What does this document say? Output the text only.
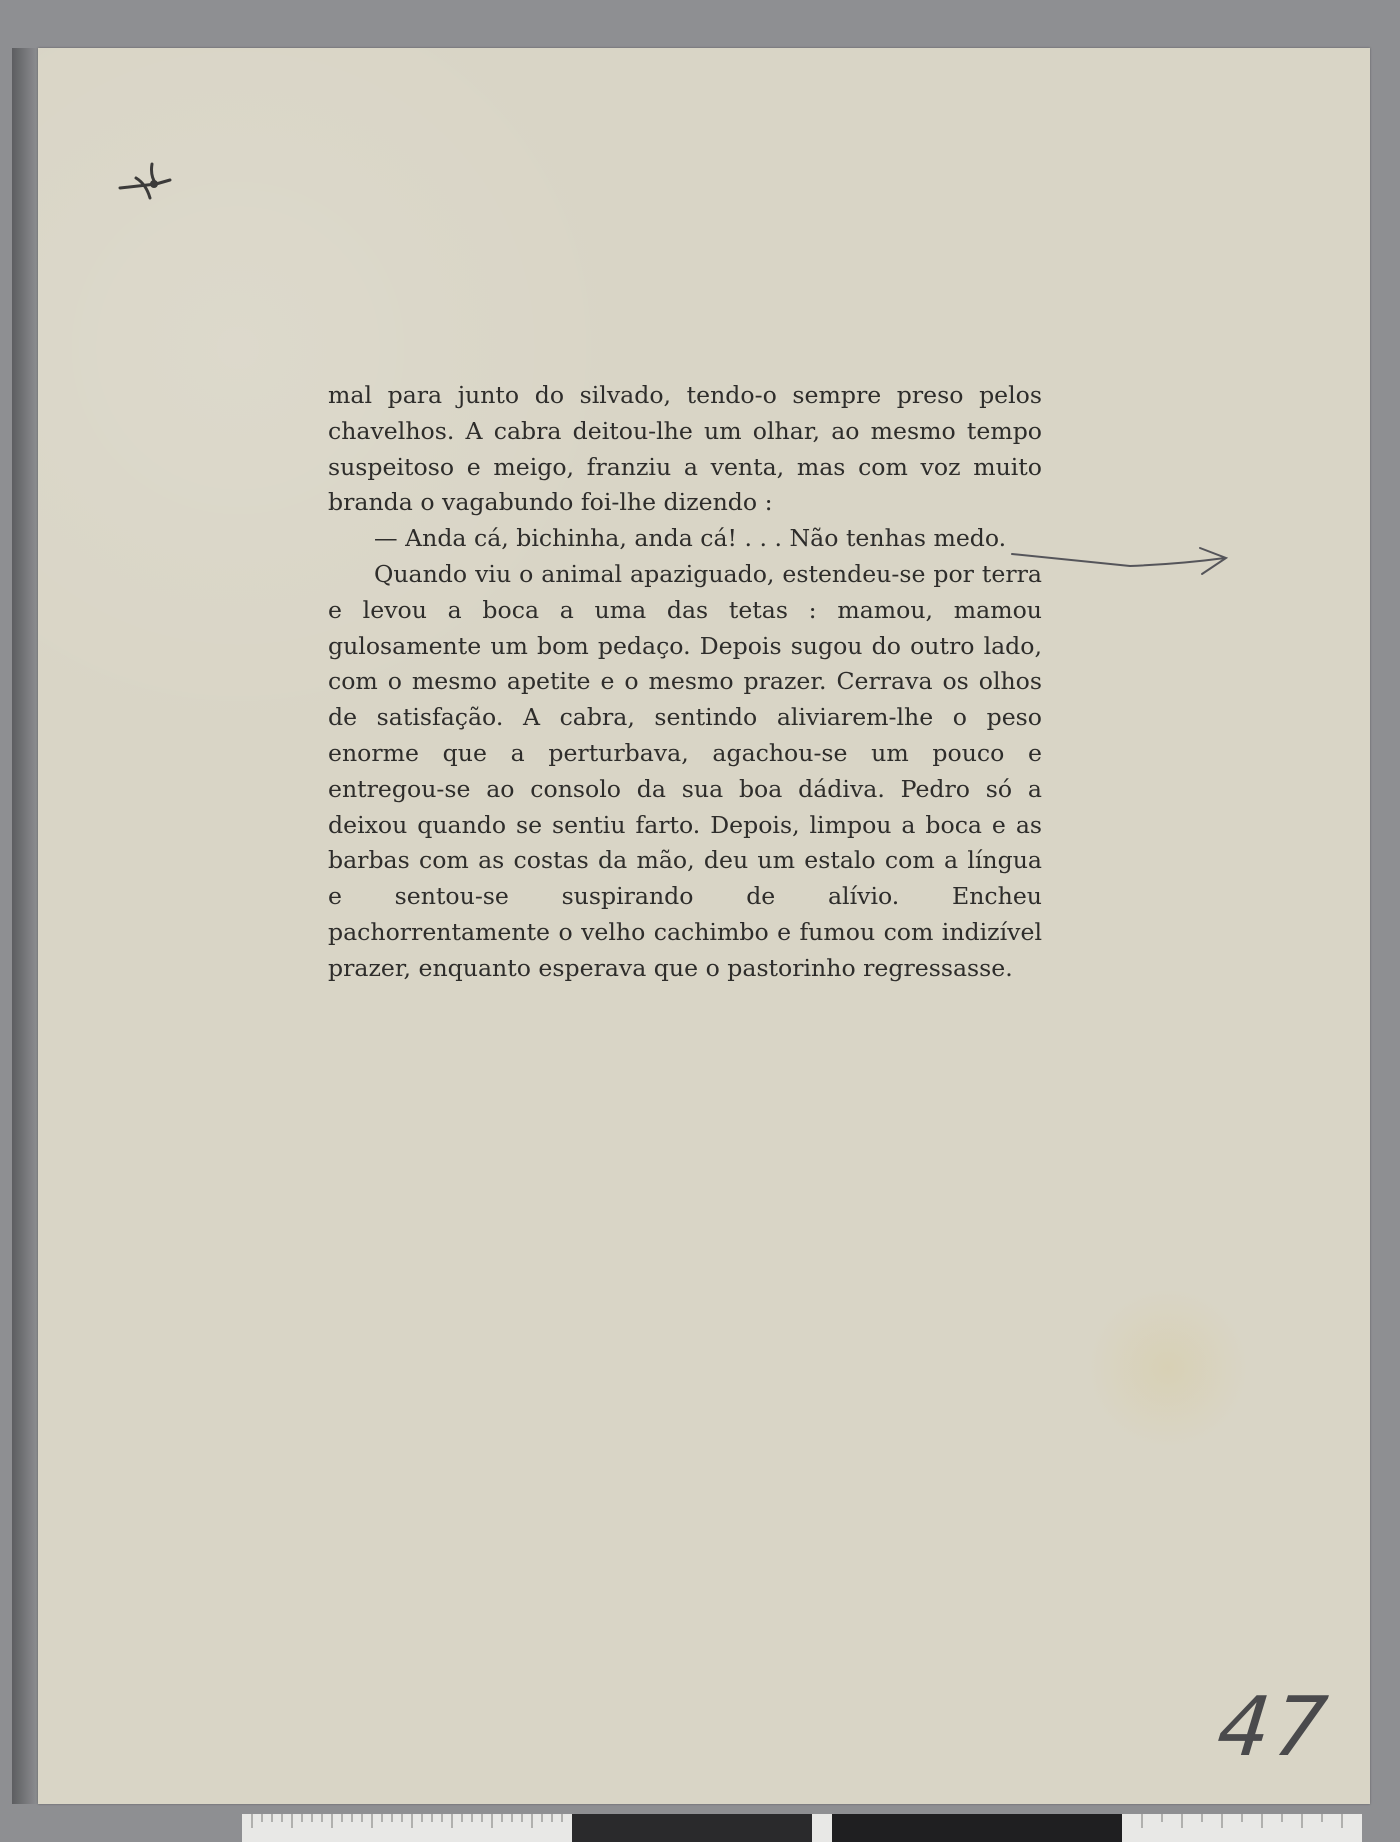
mal para junto do silvado, tendo-o sempre preso pelos chavelhos. A cabra deitou-lhe um olhar, ao mesmo tempo suspeitoso e meigo, franziu a venta, mas com voz muito branda o vagabundo foi-lhe dizendo :

— Anda cá, bichinha, anda cá! . . . Não tenhas medo.

Quando viu o animal apaziguado, estendeu-se por terra e levou a boca a uma das tetas : mamou, mamou gulosamente um bom pedaço. Depois sugou do outro lado, com o mesmo apetite e o mesmo prazer. Cerrava os olhos de satisfação. A cabra, sentindo aliviarem-lhe o peso enorme que a perturbava, agachou-se um pouco e entregou-se ao consolo da sua boa dádiva. Pedro só a deixou quando se sentiu farto. Depois, limpou a boca e as barbas com as costas da mão, deu um estalo com a língua e sentou-se suspirando de alívio. Encheu pachorrentamente o velho cachimbo e fumou com indizível prazer, enquanto esperava que o pastorinho regressasse.

47
